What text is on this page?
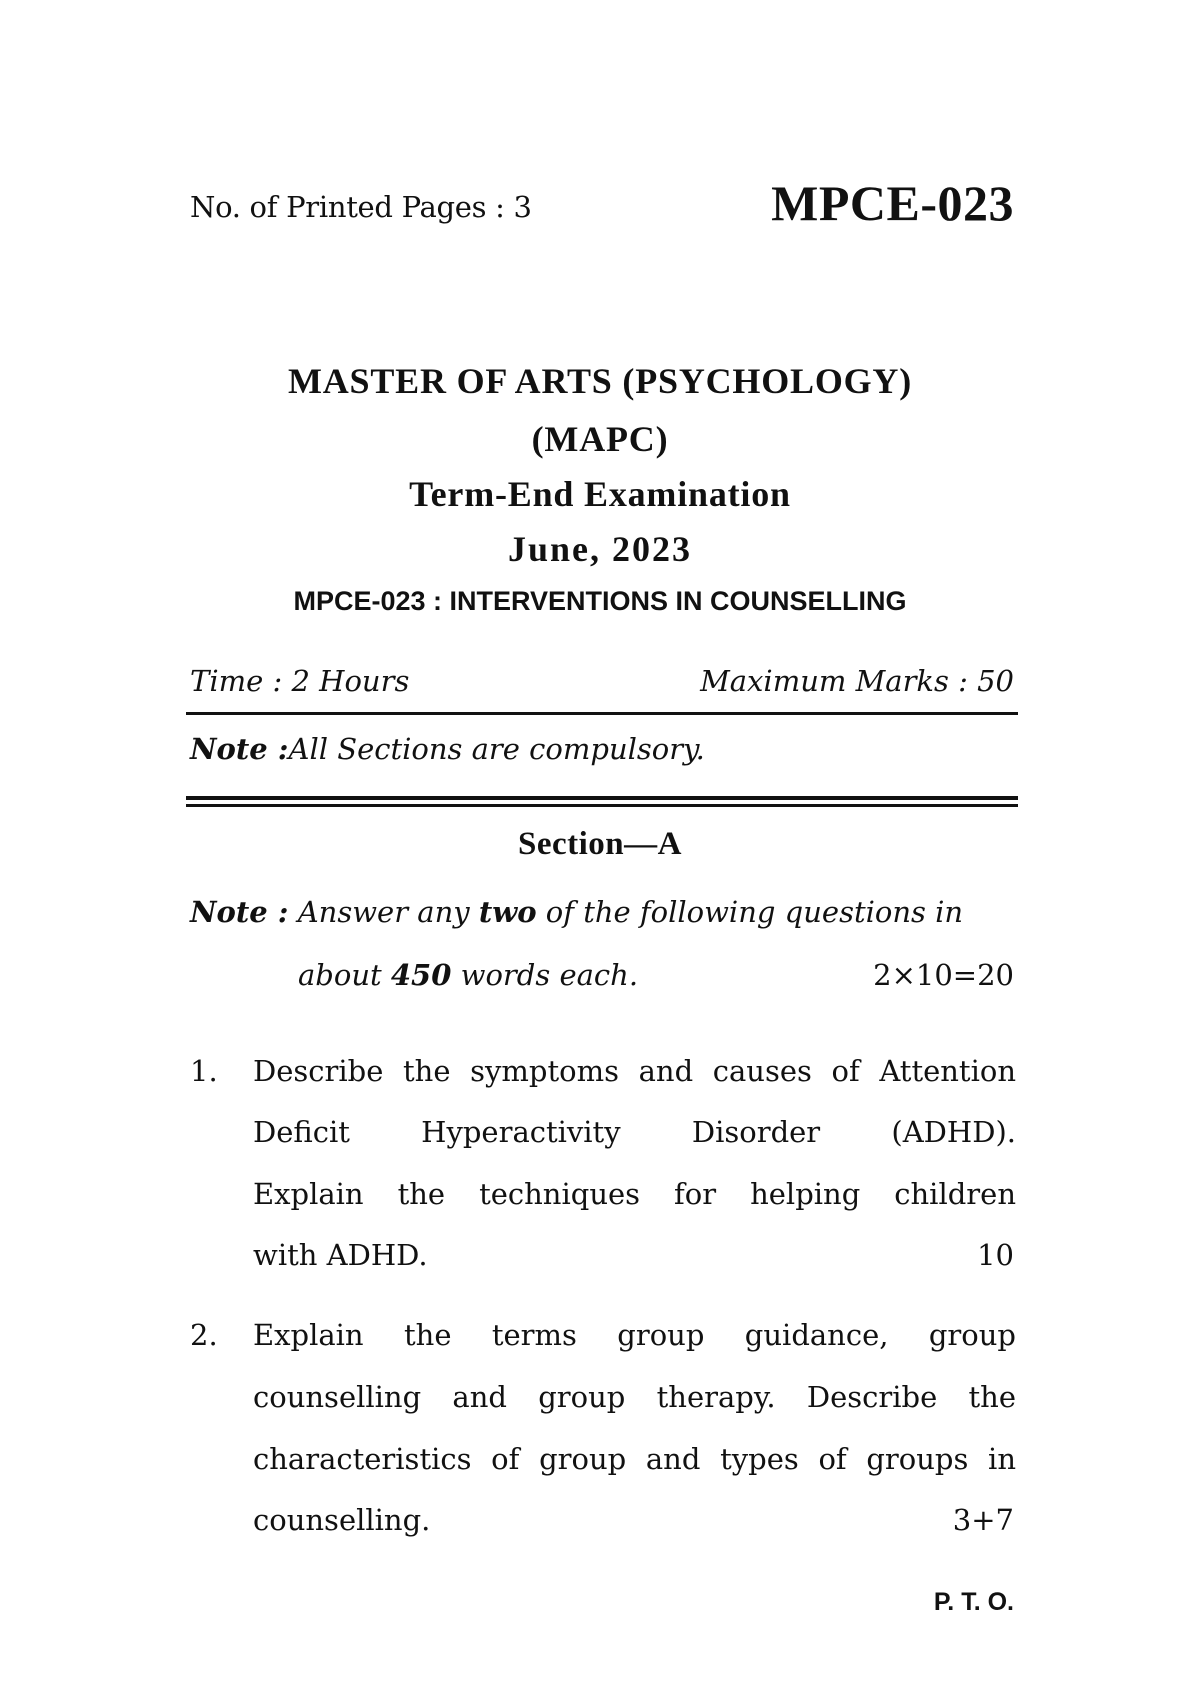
No. of Printed Pages : 3	MPCE-023
MASTER OF ARTS (PSYCHOLOGY)
(MAPC)
Term-End Examination
June, 2023
MPCE-023 : INTERVENTIONS IN COUNSELLING
Time : 2 Hours	Maximum Marks : 50
Note :All Sections are compulsory.
Section—A
Note : Answer any two of the following questions in
about 450 words each.	2×10=20
1. Describe the symptoms and causes of Attention
Deficit Hyperactivity Disorder (ADHD).
Explain the techniques for helping children
with ADHD.	10
2. Explain the terms group guidance, group
counselling and group therapy. Describe the
characteristics of group and types of groups in
counselling.	3+7
P. T. O.
